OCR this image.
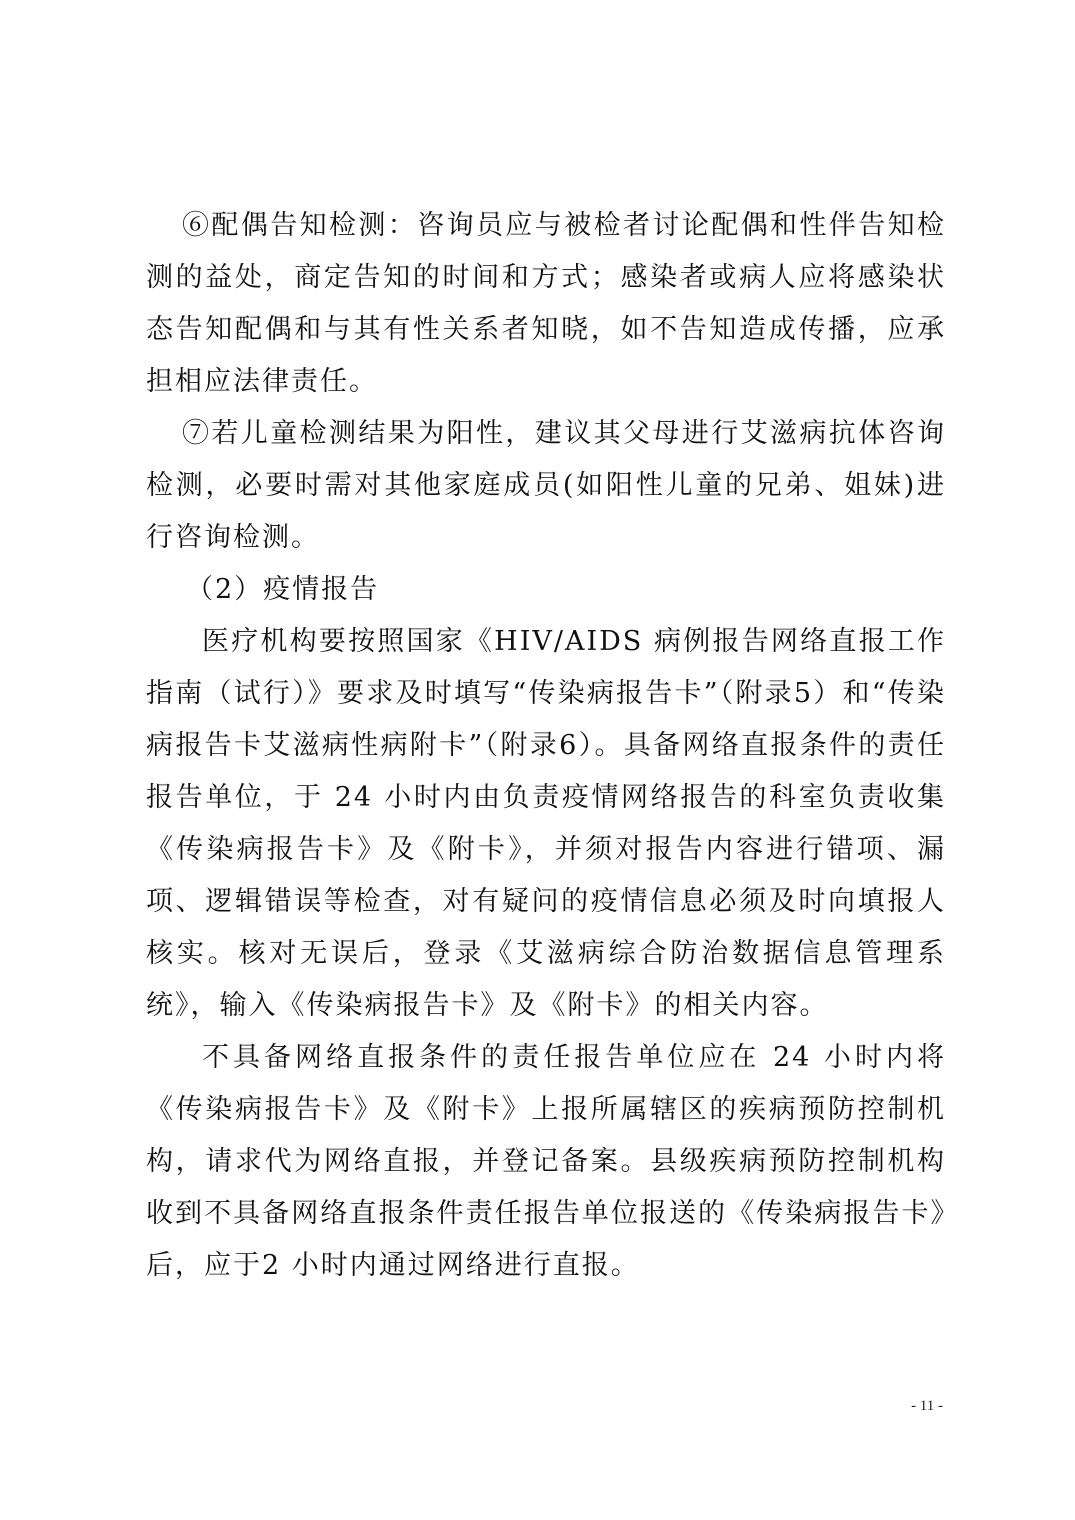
⑥配偶告知检测：咨询员应与被检者讨论配偶和性伴告知检测的益处，商定告知的时间和方式；感染者或病人应将感染状态告知配偶和与其有性关系者知晓，如不告知造成传播，应承担相应法律责任。

⑦若儿童检测结果为阳性，建议其父母进行艾滋病抗体咨询检测，必要时需对其他家庭成员(如阳性儿童的兄弟、姐妹)进行咨询检测。

（2）疫情报告

医疗机构要按照国家《HIV/AIDS 病例报告网络直报工作指南（试行）》要求及时填写“传染病报告卡”（附录5）和“传染病报告卡艾滋病性病附卡”（附录6）。具备网络直报条件的责任报告单位，于 24 小时内由负责疫情网络报告的科室负责收集《传染病报告卡》及《附卡》，并须对报告内容进行错项、漏项、逻辑错误等检查，对有疑问的疫情信息必须及时向填报人核实。核对无误后，登录《艾滋病综合防治数据信息管理系统》，输入《传染病报告卡》及《附卡》的相关内容。

不具备网络直报条件的责任报告单位应在 24 小时内将《传染病报告卡》及《附卡》上报所属辖区的疾病预防控制机构，请求代为网络直报，并登记备案。县级疾病预防控制机构收到不具备网络直报条件责任报告单位报送的《传染病报告卡》后，应于2 小时内通过网络进行直报。

- 11 -
